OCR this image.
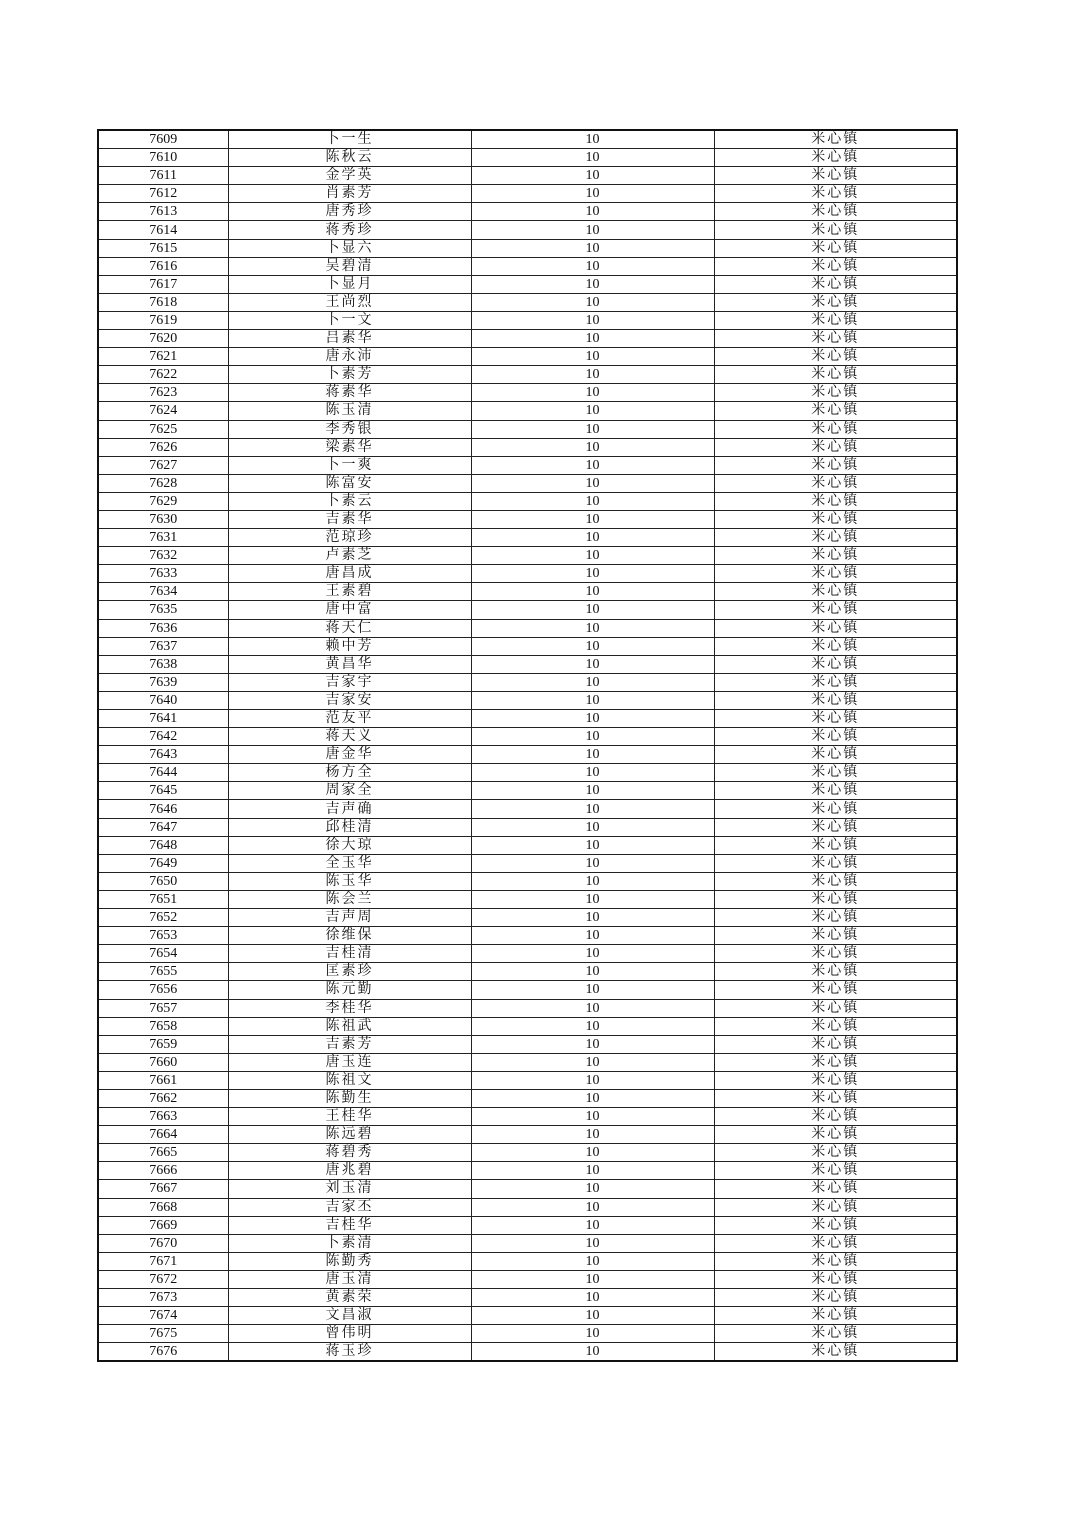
7609	卜一生	10	米心镇
7610	陈秋云	10	米心镇
7611	金学英	10	米心镇
7612	肖素芳	10	米心镇
7613	唐秀珍	10	米心镇
7614	蒋秀珍	10	米心镇
7615	卜显六	10	米心镇
7616	吴碧清	10	米心镇
7617	卜显月	10	米心镇
7618	王尚烈	10	米心镇
7619	卜一文	10	米心镇
7620	吕素华	10	米心镇
7621	唐永沛	10	米心镇
7622	卜素芳	10	米心镇
7623	蒋素华	10	米心镇
7624	陈玉清	10	米心镇
7625	李秀银	10	米心镇
7626	梁素华	10	米心镇
7627	卜一爽	10	米心镇
7628	陈富安	10	米心镇
7629	卜素云	10	米心镇
7630	吉素华	10	米心镇
7631	范琼珍	10	米心镇
7632	卢素芝	10	米心镇
7633	唐昌成	10	米心镇
7634	王素碧	10	米心镇
7635	唐中富	10	米心镇
7636	蒋天仁	10	米心镇
7637	赖中芳	10	米心镇
7638	黄昌华	10	米心镇
7639	吉家宇	10	米心镇
7640	吉家安	10	米心镇
7641	范友平	10	米心镇
7642	蒋天义	10	米心镇
7643	唐金华	10	米心镇
7644	杨方全	10	米心镇
7645	周家全	10	米心镇
7646	吉声确	10	米心镇
7647	邱桂清	10	米心镇
7648	徐大琼	10	米心镇
7649	全玉华	10	米心镇
7650	陈玉华	10	米心镇
7651	陈会兰	10	米心镇
7652	吉声周	10	米心镇
7653	徐维保	10	米心镇
7654	吉桂清	10	米心镇
7655	匡素珍	10	米心镇
7656	陈元勤	10	米心镇
7657	李桂华	10	米心镇
7658	陈祖武	10	米心镇
7659	吉素芳	10	米心镇
7660	唐玉连	10	米心镇
7661	陈祖文	10	米心镇
7662	陈勤生	10	米心镇
7663	王桂华	10	米心镇
7664	陈远碧	10	米心镇
7665	蒋碧秀	10	米心镇
7666	唐兆碧	10	米心镇
7667	刘玉清	10	米心镇
7668	吉家丕	10	米心镇
7669	吉桂华	10	米心镇
7670	卜素清	10	米心镇
7671	陈勤秀	10	米心镇
7672	唐玉清	10	米心镇
7673	黄素荣	10	米心镇
7674	文昌淑	10	米心镇
7675	曾伟明	10	米心镇
7676	蒋玉珍	10	米心镇
